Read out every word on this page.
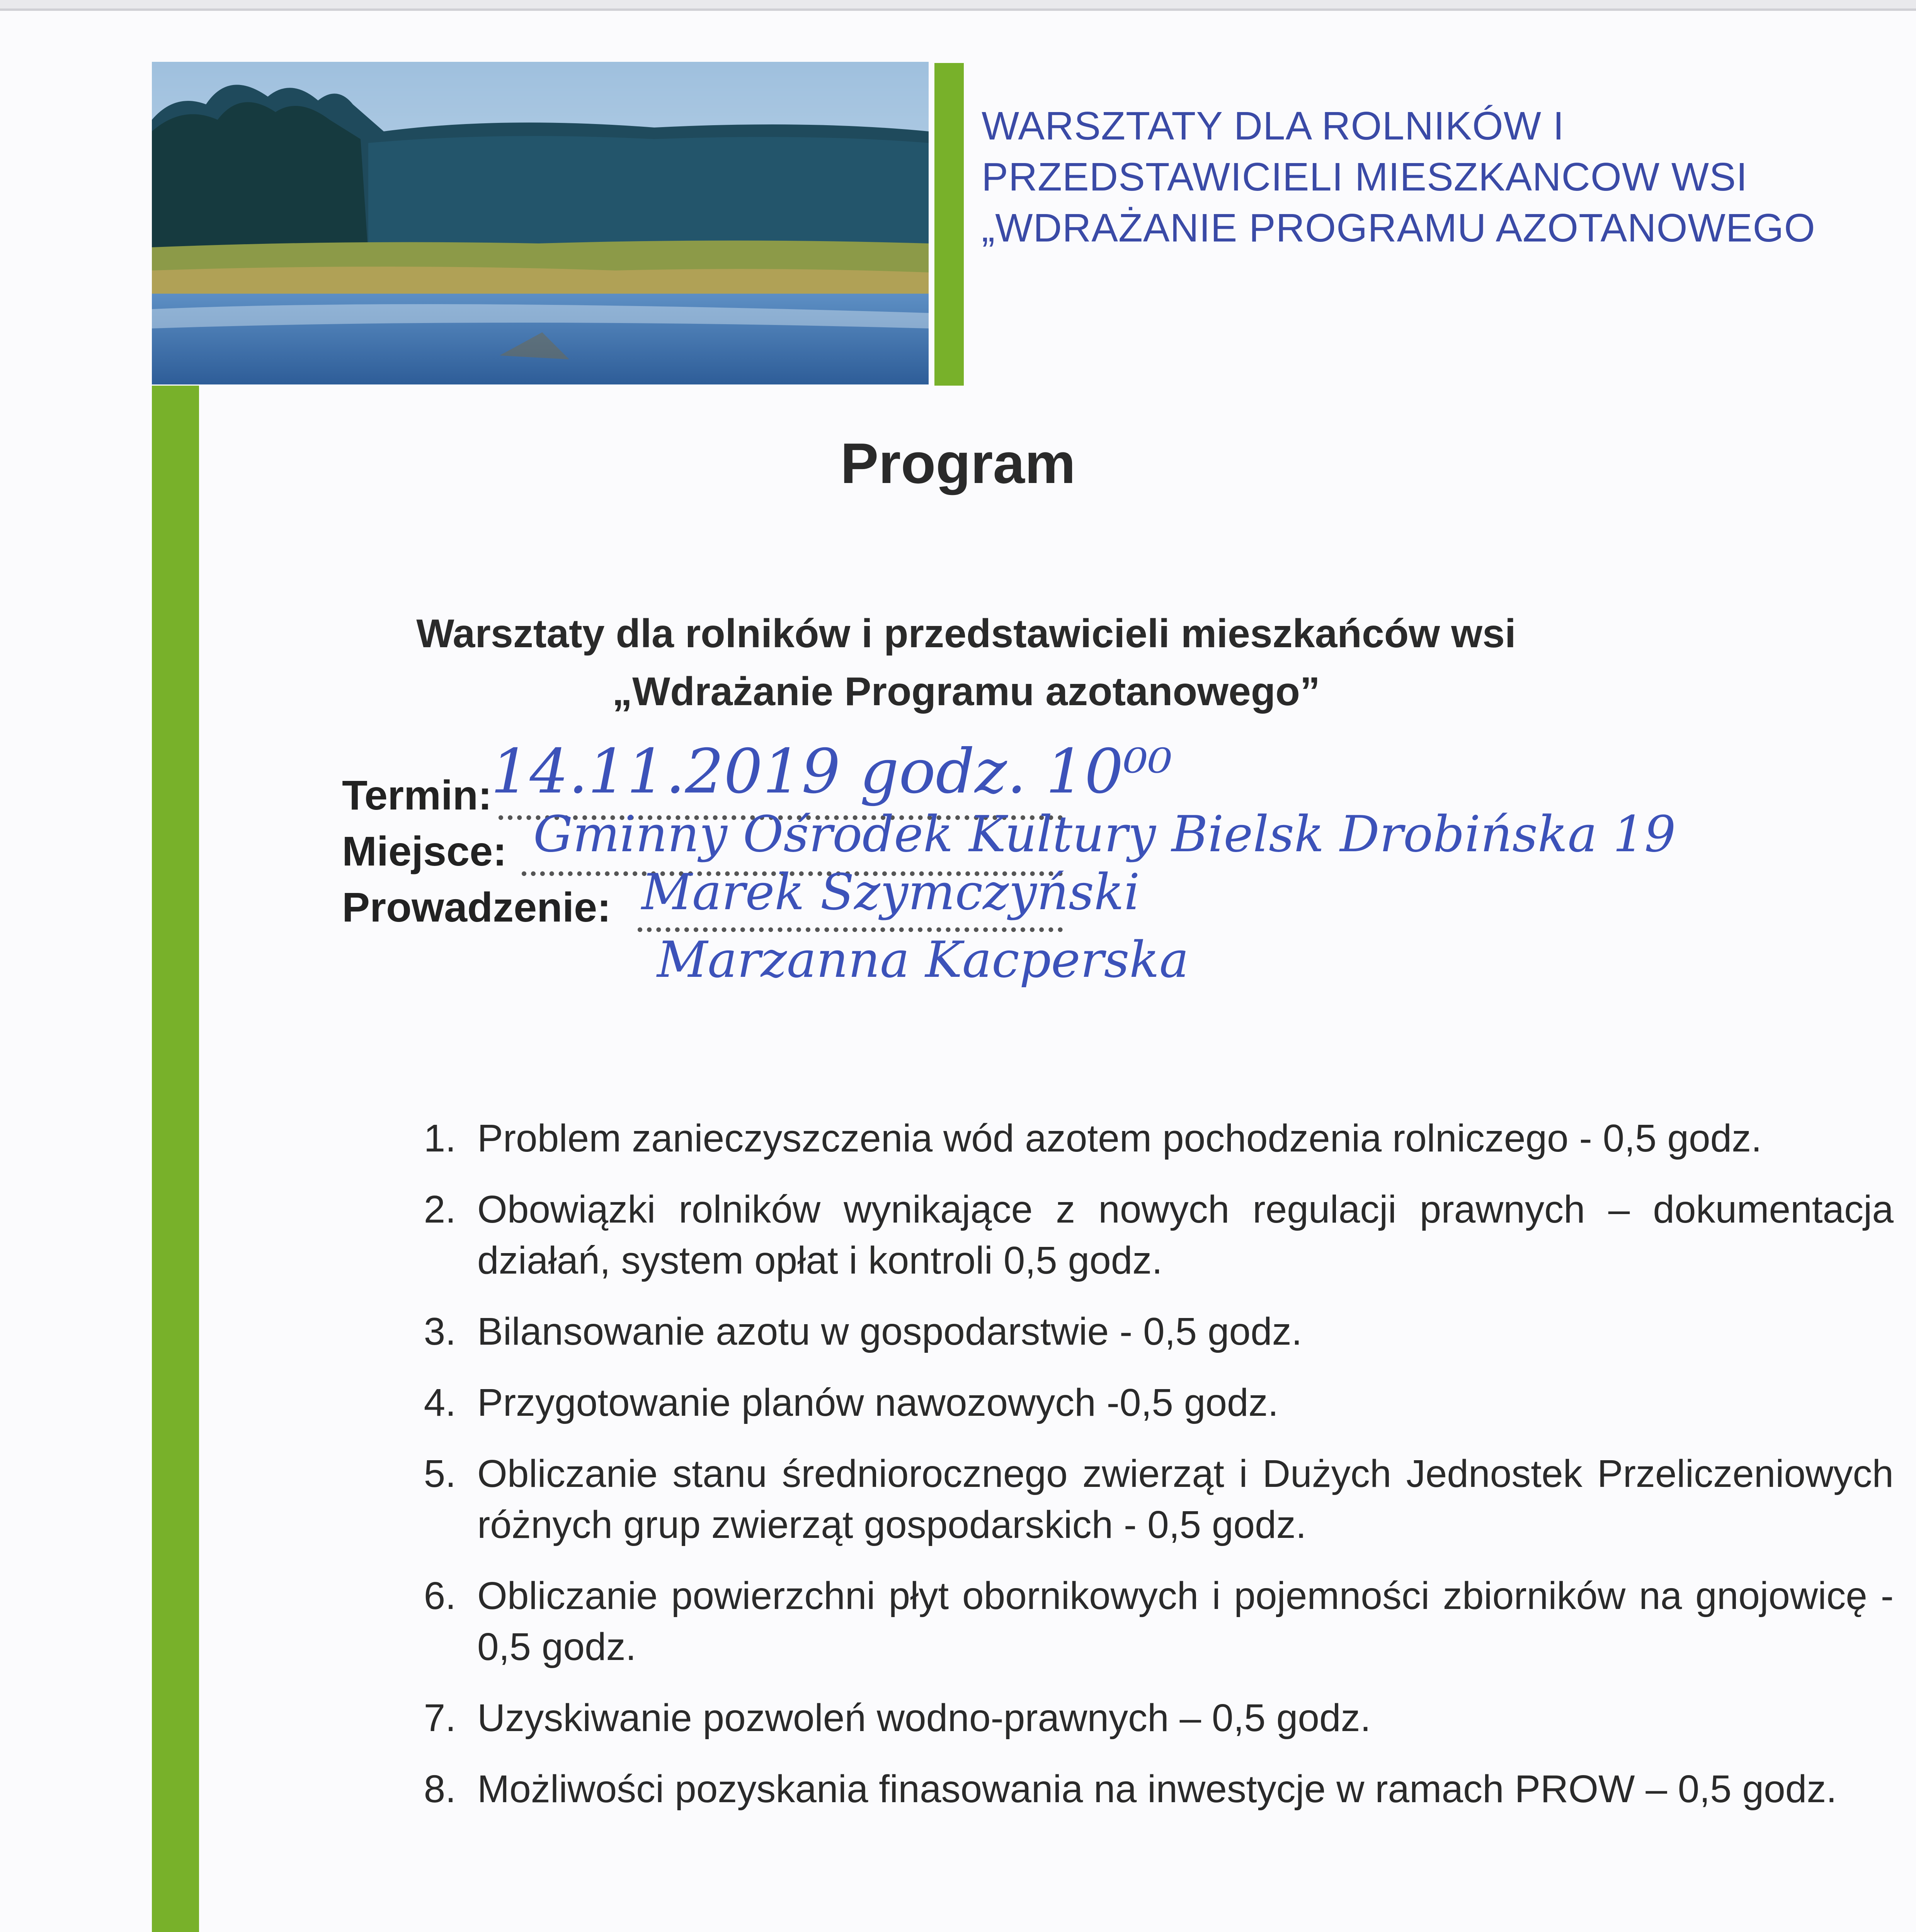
WARSZTATY DLA ROLNIKÓW I
PRZEDSTAWICIELI MIESZKANCOW WSI
„WDRAŻANIE PROGRAMU AZOTANOWEGO
Program
Warsztaty dla rolników i przedstawicieli mieszkańców wsi
„Wdrażanie Programu azotanowego”
Termin:
14.11.2019 godz. 10⁰⁰
Miejsce: Gminny Ośrodek Kultury Bielsk Drobińska 19
Prowadzenie: Marek Szymczyński
Marzanna Kacperska
1. Problem zanieczyszczenia wód azotem pochodzenia rolniczego - 0,5 godz.
2. Obowiązki rolników wynikające z nowych regulacji prawnych – dokumentacja działań, system opłat i kontroli 0,5 godz.
3. Bilansowanie azotu w gospodarstwie - 0,5 godz.
4. Przygotowanie planów nawozowych -0,5 godz.
5. Obliczanie stanu średniorocznego zwierząt i Dużych Jednostek Przeliczeniowych różnych grup zwierząt gospodarskich - 0,5 godz.
6. Obliczanie powierzchni płyt obornikowych i pojemności zbiorników na gnojowicę - 0,5 godz.
7. Uzyskiwanie pozwoleń wodno-prawnych – 0,5 godz.
8. Możliwości pozyskania finasowania na inwestycje w ramach PROW – 0,5 godz.
